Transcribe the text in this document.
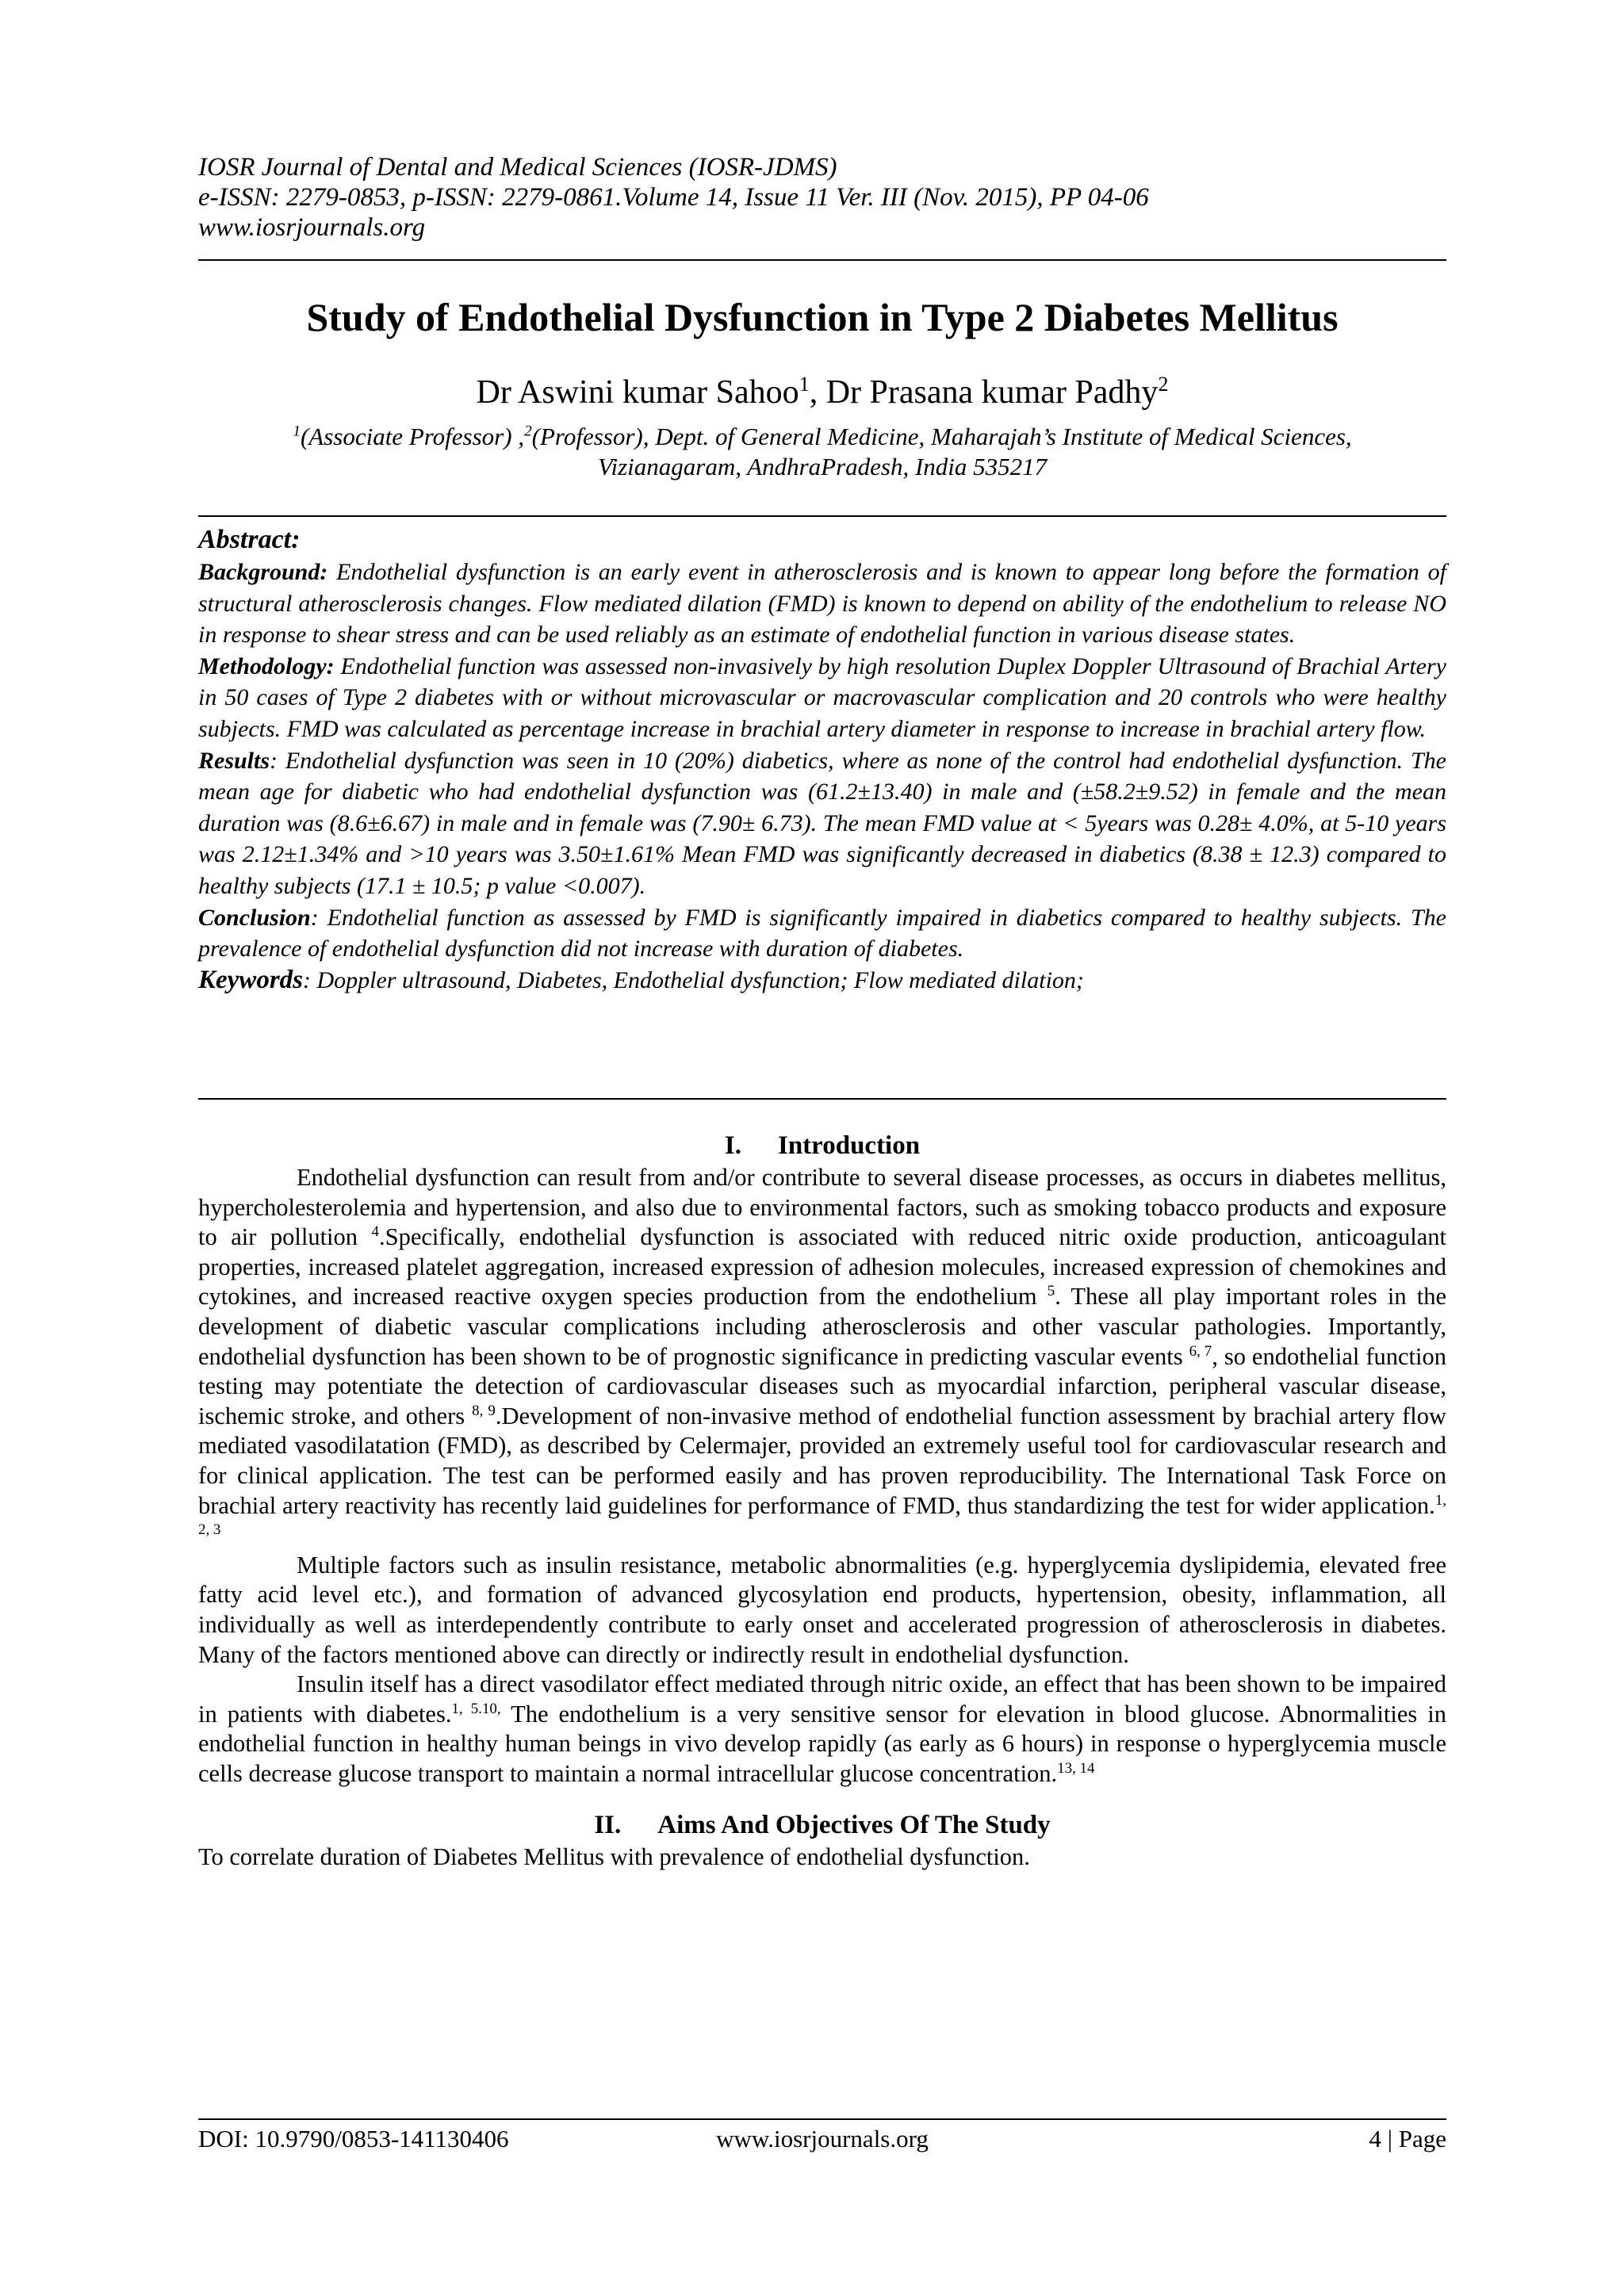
IOSR Journal of Dental and Medical Sciences (IOSR-JDMS)
e-ISSN: 2279-0853, p-ISSN: 2279-0861.Volume 14, Issue 11 Ver. III (Nov. 2015), PP 04-06
www.iosrjournals.org
Study of Endothelial Dysfunction in Type 2 Diabetes Mellitus
Dr Aswini kumar Sahoo$^1$, Dr Prasana kumar Padhy$^2$
$^1$(Associate Professor) ,$^2$(Professor), Dept. of General Medicine, Maharajah’s Institute of Medical Sciences,
Vizianagaram, AndhraPradesh, India 535217
Abstract:

Background: Endothelial dysfunction is an early event in atherosclerosis and is known to appear long before the formation of structural atherosclerosis changes. Flow mediated dilation (FMD) is known to depend on ability of the endothelium to release NO in response to shear stress and can be used reliably as an estimate of endothelial function in various disease states.

Methodology: Endothelial function was assessed non-invasively by high resolution Duplex Doppler Ultrasound of Brachial Artery in 50 cases of Type 2 diabetes with or without microvascular or macrovascular complication and 20 controls who were healthy subjects. FMD was calculated as percentage increase in brachial artery diameter in response to increase in brachial artery flow.

Results: Endothelial dysfunction was seen in 10 (20%) diabetics, where as none of the control had endothelial dysfunction. The mean age for diabetic who had endothelial dysfunction was (61.2±13.40) in male and (±58.2±9.52) in female and the mean duration was (8.6±6.67) in male and in female was (7.90± 6.73). The mean FMD value at < 5years was 0.28± 4.0%, at 5-10 years was 2.12±1.34% and >10 years was 3.50±1.61% Mean FMD was significantly decreased in diabetics (8.38 ± 12.3) compared to healthy subjects (17.1 ± 10.5; p value <0.007).

Conclusion: Endothelial function as assessed by FMD is significantly impaired in diabetics compared to healthy subjects. The prevalence of endothelial dysfunction did not increase with duration of diabetes.

Keywords: Doppler ultrasound, Diabetes, Endothelial dysfunction; Flow mediated dilation;

I. Introduction

Endothelial dysfunction can result from and/or contribute to several disease processes, as occurs in diabetes mellitus, hypercholesterolemia and hypertension, and also due to environmental factors, such as smoking tobacco products and exposure to air pollution $^4$.Specifically, endothelial dysfunction is associated with reduced nitric oxide production, anticoagulant properties, increased platelet aggregation, increased expression of adhesion molecules, increased expression of chemokines and cytokines, and increased reactive oxygen species production from the endothelium $^5$. These all play important roles in the development of diabetic vascular complications including atherosclerosis and other vascular pathologies. Importantly, endothelial dysfunction has been shown to be of prognostic significance in predicting vascular events $^{6, 7}$, so endothelial function testing may potentiate the detection of cardiovascular diseases such as myocardial infarction, peripheral vascular disease, ischemic stroke, and others $^{8, 9}$.Development of non-invasive method of endothelial function assessment by brachial artery flow mediated vasodilatation (FMD), as described by Celermajer, provided an extremely useful tool for cardiovascular research and for clinical application. The test can be performed easily and has proven reproducibility. The International Task Force on brachial artery reactivity has recently laid guidelines for performance of FMD, thus standardizing the test for wider application.$^{1, 2, 3}$

Multiple factors such as insulin resistance, metabolic abnormalities (e.g. hyperglycemia dyslipidemia, elevated free fatty acid level etc.), and formation of advanced glycosylation end products, hypertension, obesity, inflammation, all individually as well as interdependently contribute to early onset and accelerated progression of atherosclerosis in diabetes. Many of the factors mentioned above can directly or indirectly result in endothelial dysfunction.

Insulin itself has a direct vasodilator effect mediated through nitric oxide, an effect that has been shown to be impaired in patients with diabetes.$^{1, 5.10,}$ The endothelium is a very sensitive sensor for elevation in blood glucose. Abnormalities in endothelial function in healthy human beings in vivo develop rapidly (as early as 6 hours) in response o hyperglycemia muscle cells decrease glucose transport to maintain a normal intracellular glucose concentration.$^{13, 14}$

II. Aims And Objectives Of The Study

To correlate duration of Diabetes Mellitus with prevalence of endothelial dysfunction.

DOI: 10.9790/0853-141130406	www.iosrjournals.org	4 | Page
